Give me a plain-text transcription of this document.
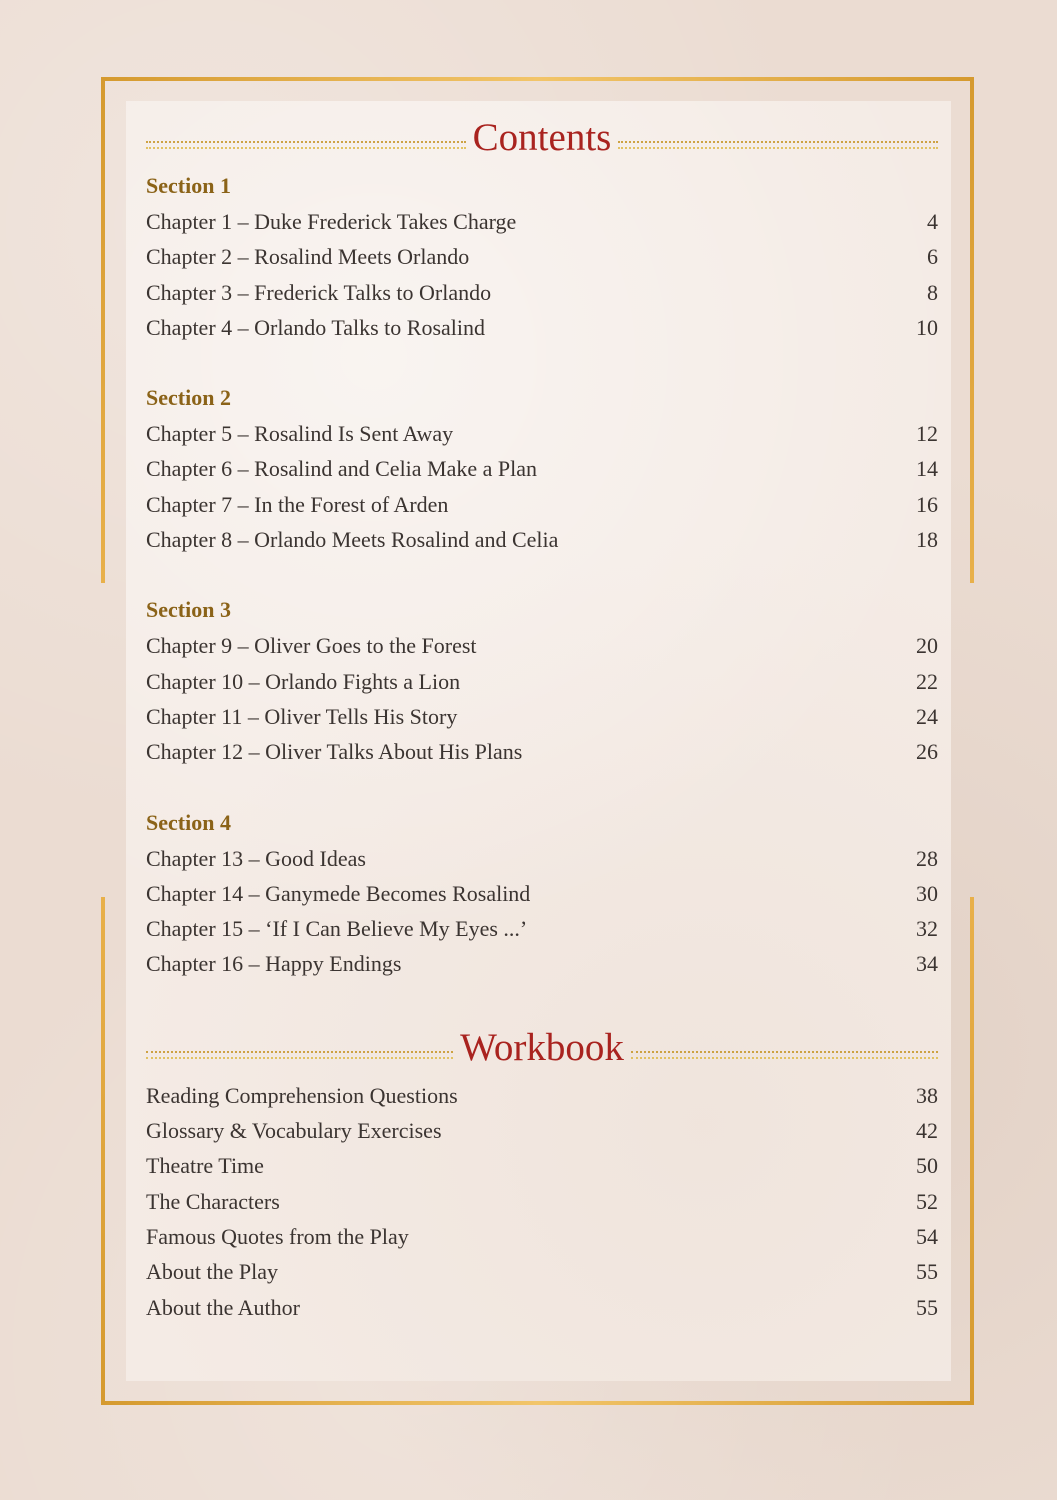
Contents
Section 1
Chapter 1 – Duke Frederick Takes Charge	4
Chapter 2 – Rosalind Meets Orlando	6
Chapter 3 – Frederick Talks to Orlando	8
Chapter 4 – Orlando Talks to Rosalind	10
Section 2
Chapter 5 – Rosalind Is Sent Away	12
Chapter 6 – Rosalind and Celia Make a Plan	14
Chapter 7 – In the Forest of Arden	16
Chapter 8 – Orlando Meets Rosalind and Celia	18
Section 3
Chapter 9 – Oliver Goes to the Forest	20
Chapter 10 – Orlando Fights a Lion	22
Chapter 11 – Oliver Tells His Story	24
Chapter 12 – Oliver Talks About His Plans	26
Section 4
Chapter 13 – Good Ideas	28
Chapter 14 – Ganymede Becomes Rosalind	30
Chapter 15 – ‘If I Can Believe My Eyes ...’	32
Chapter 16 – Happy Endings	34
Workbook
Reading Comprehension Questions	38
Glossary & Vocabulary Exercises	42
Theatre Time	50
The Characters	52
Famous Quotes from the Play	54
About the Play	55
About the Author	55
